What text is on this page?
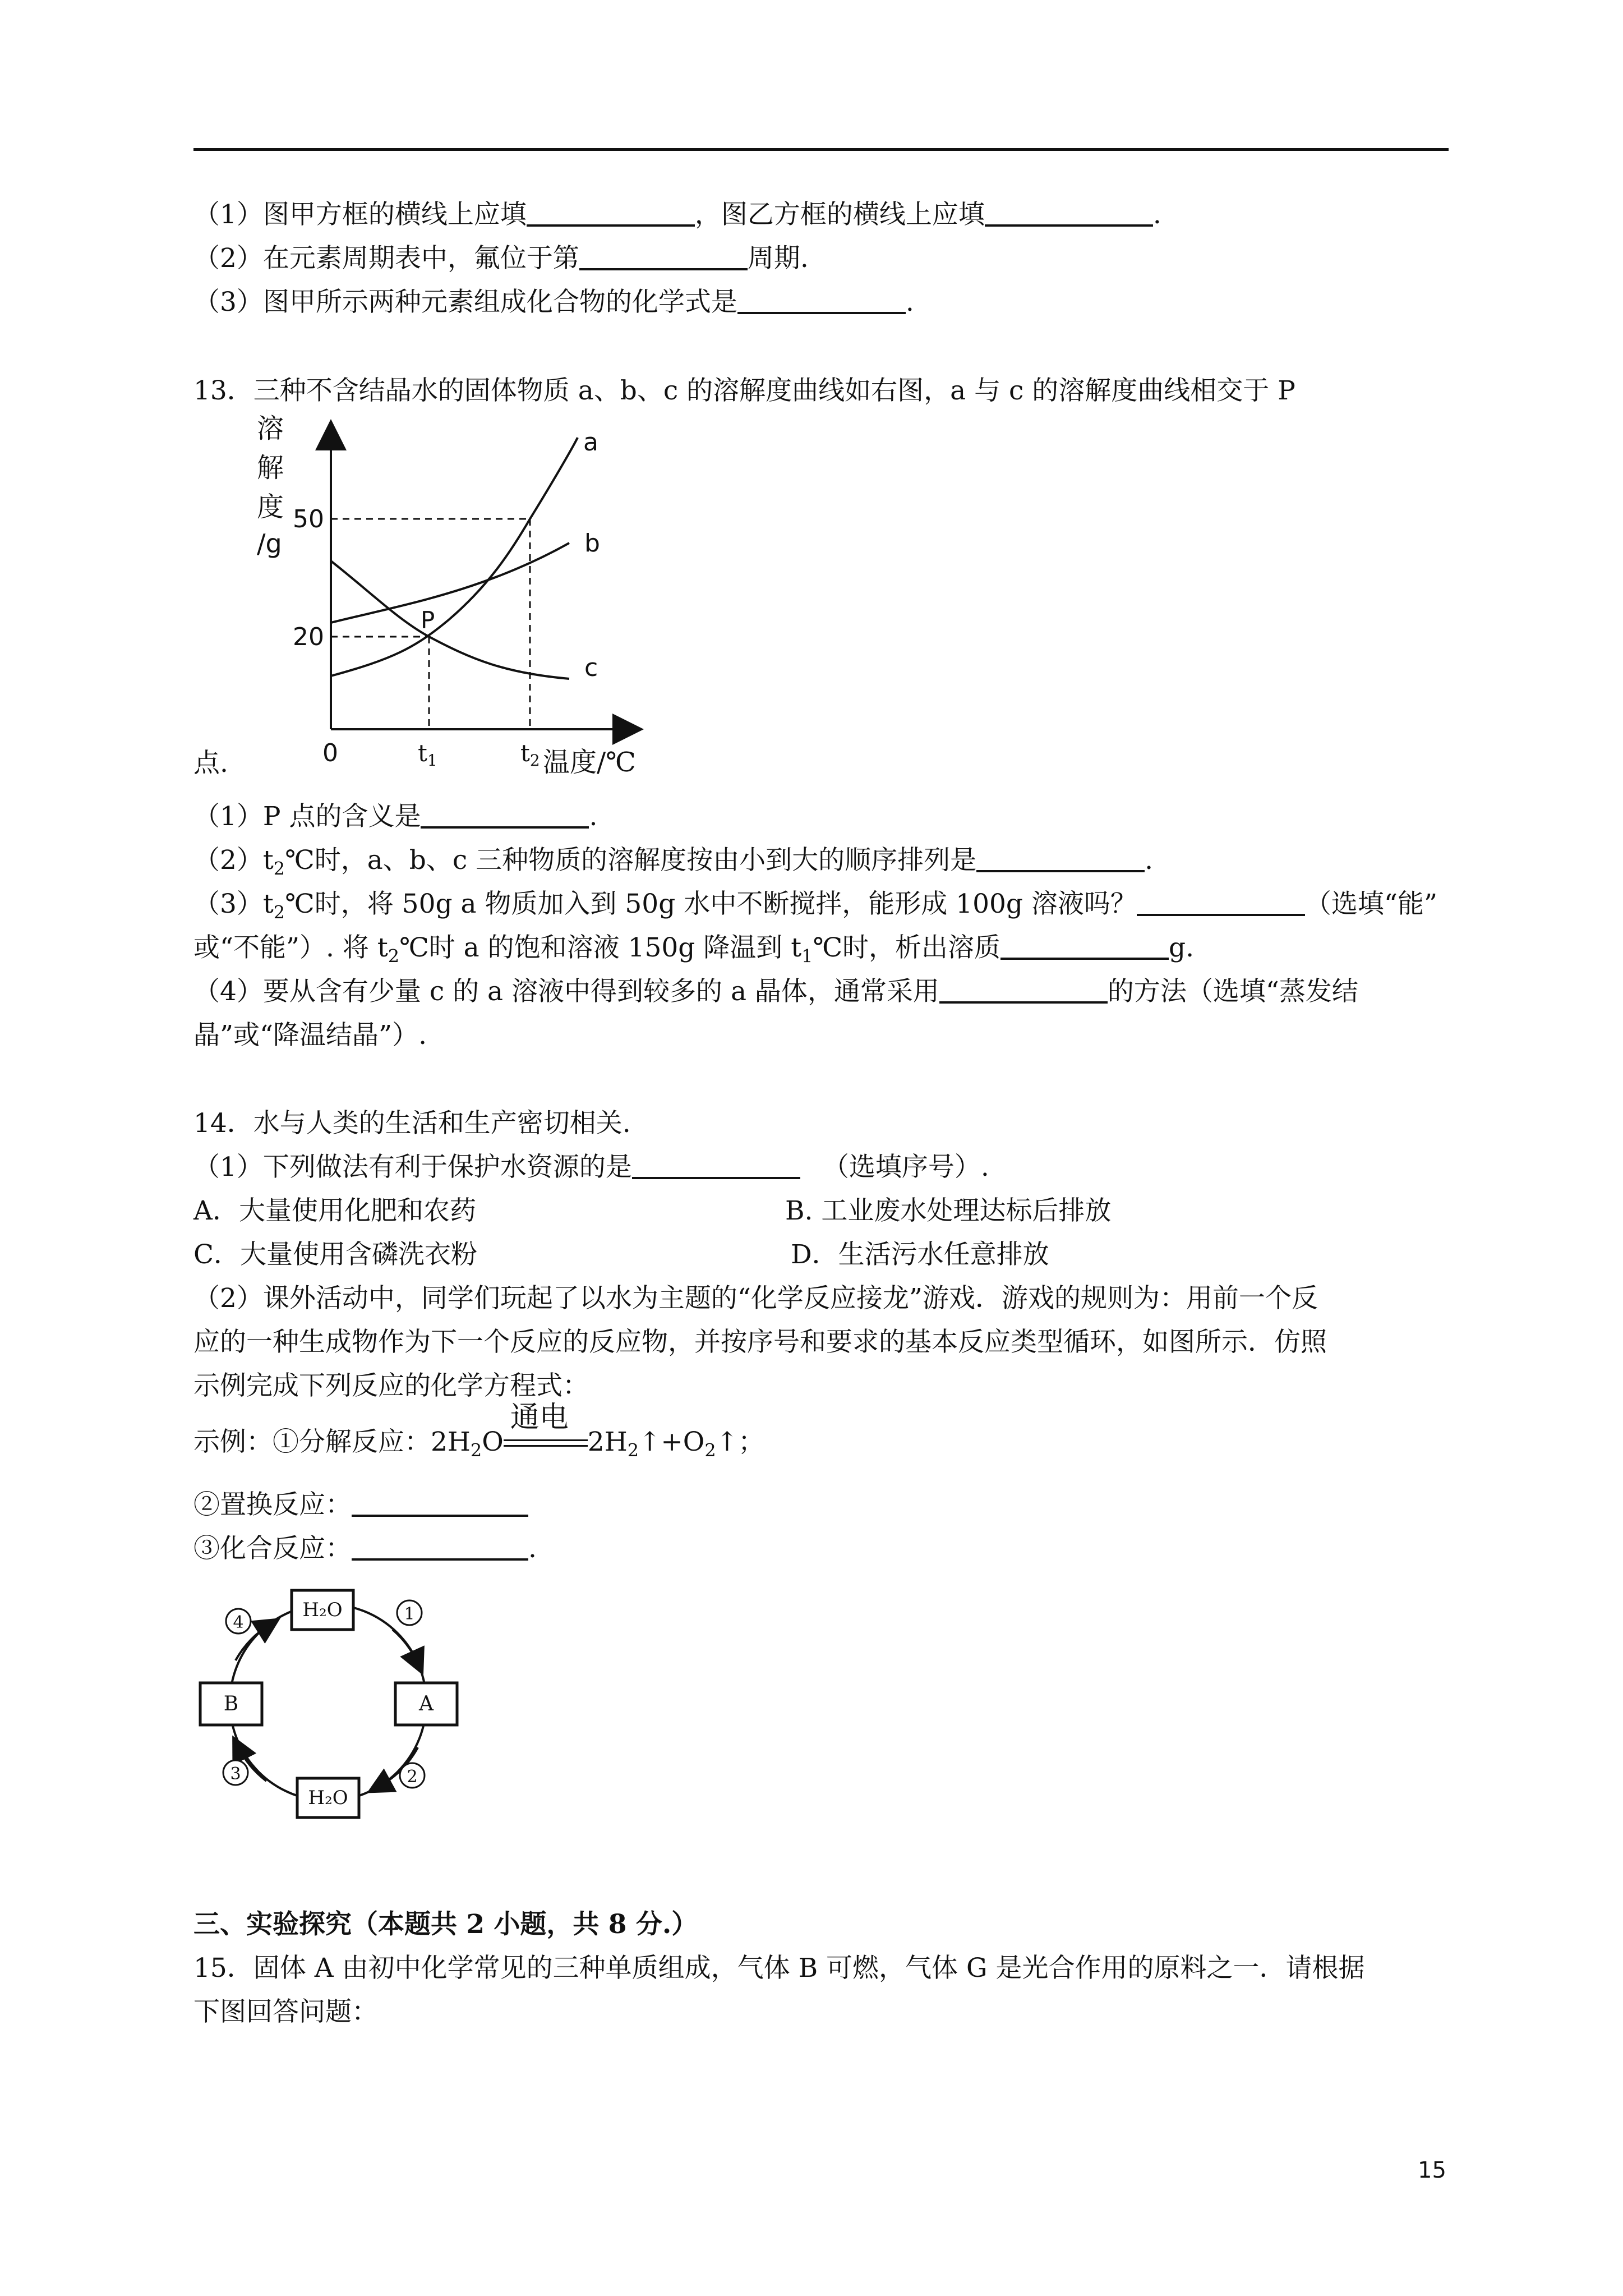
（1）图甲方框的横线上应填	，图乙方框的横线上应填	.
（2）在元素周期表中，氟位于第	周期.
（3）图甲所示两种元素组成化合物的化学式是	.
13．三种不含结晶水的固体物质 a、b、c 的溶解度曲线如右图，a 与 c 的溶解度曲线相交于 P
溶
解
度
/g
50
20
0	t1	t2 温度/℃
P
a
b
c
点.
（1）P 点的含义是	.
$(2)t_2℃$时，a、b、c 三种物质的溶解度按由小到大的顺序排列是	.
$(3)t_2℃$时，将 50g a 物质加入到 50g 水中不断搅拌，能形成 100g 溶液吗？	（选填“能”
或“不能”）. 将 $t_2℃$时 a 的饱和溶液 150g 降温到 $t_1℃$时，析出溶质	g.
（4）要从含有少量 c 的 a 溶液中得到较多的 a 晶体，通常采用	的方法（选填“蒸发结
晶”或“降温结晶”）.
14．水与人类的生活和生产密切相关.
（1）下列做法有利于保护水资源的是	（选填序号）.
A．大量使用化肥和农药	B. 工业废水处理达标后排放
C．大量使用含磷洗衣粉	D．生活污水任意排放
（2）课外活动中，同学们玩起了以水为主题的“化学反应接龙”游戏．游戏的规则为：用前一个反
应的一种生成物作为下一个反应的反应物，并按序号和要求的基本反应类型循环，如图所示．仿照
示例完成下列反应的化学方程式：
示例：①分解反应：$2H_2O$
通电
$2H_2↑+O_2↑$；
②置换反应：
③化合反应：	.
H₂O
H₂O
B	A
1
2
3
4
三、实验探究（本题共 2 小题，共 8 分.）
15．固体 A 由初中化学常见的三种单质组成，气体 B 可燃，气体 G 是光合作用的原料之一．请根据
下图回答问题：
15
